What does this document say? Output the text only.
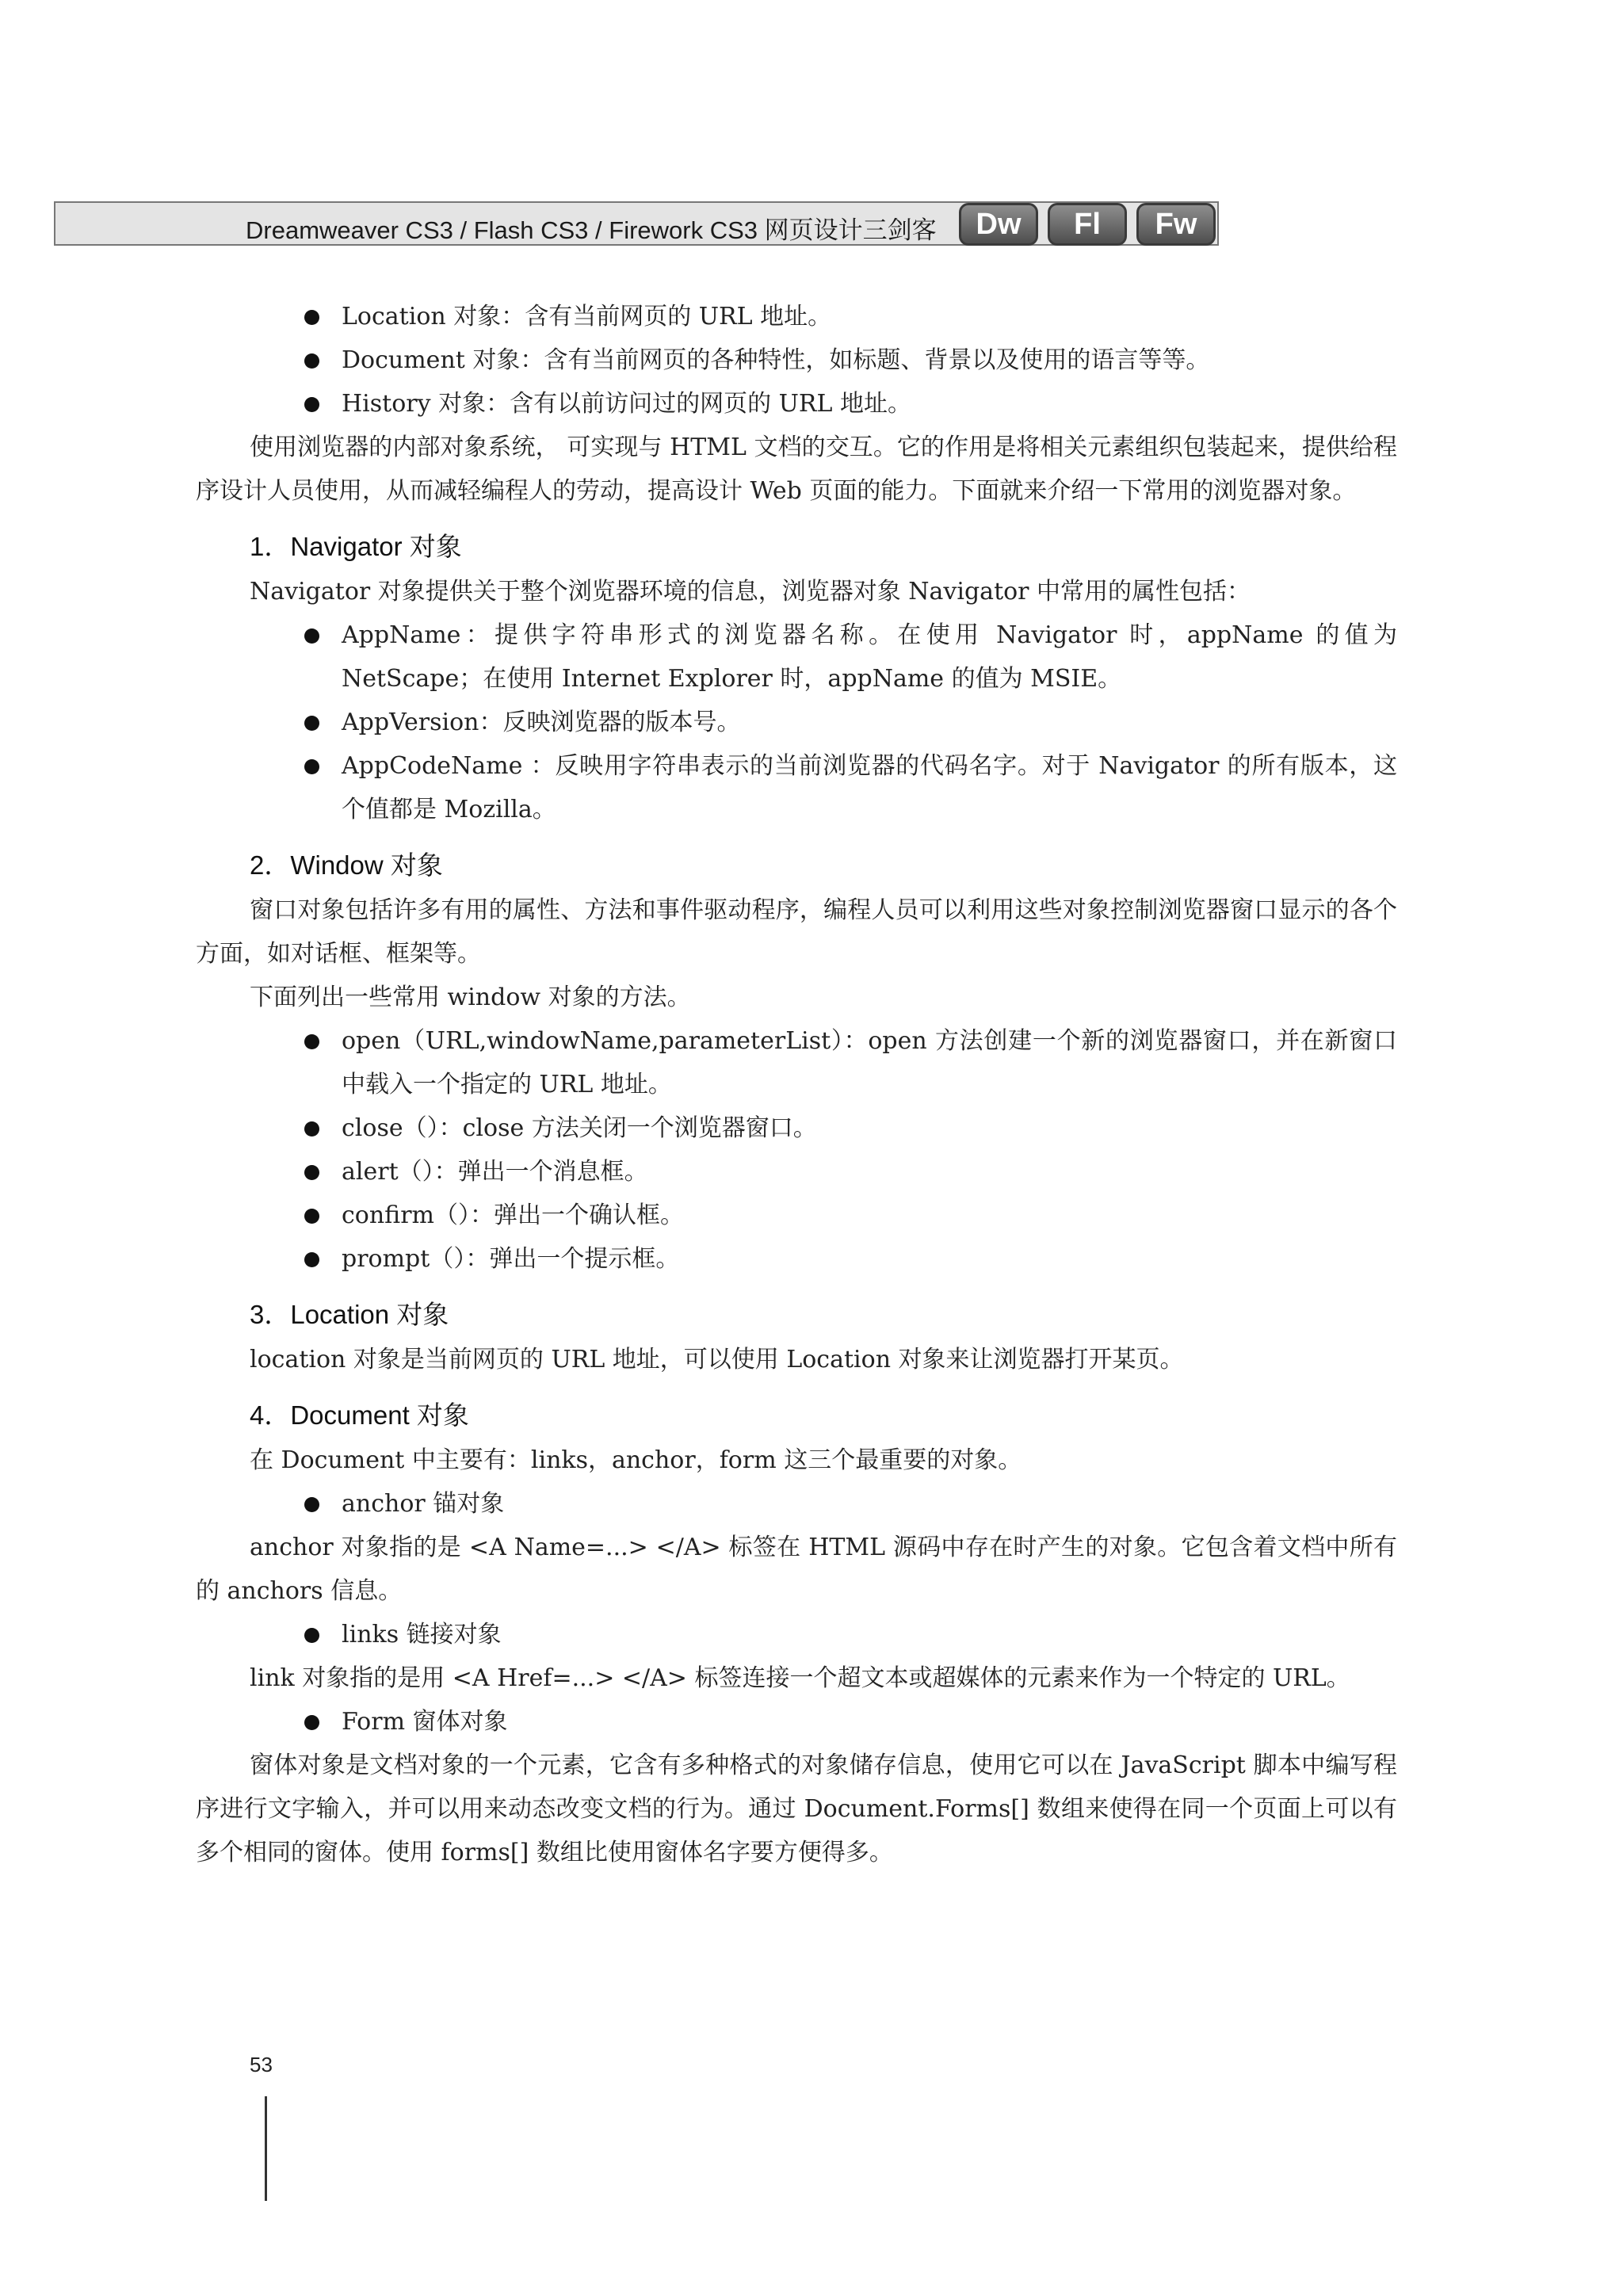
Dreamweaver CS3 / Flash CS3 / Firework CS3 网页设计三剑客	Dw	Fl	Fw
Location 对象：含有当前网页的 URL 地址。
Document 对象：含有当前网页的各种特性，如标题、背景以及使用的语言等等。
History 对象：含有以前访问过的网页的 URL 地址。

使用浏览器的内部对象系统， 可实现与 HTML 文档的交互。它的作用是将相关元素组织包装起来，提供给程序设计人员使用，从而减轻编程人的劳动，提高设计 Web 页面的能力。下面就来介绍一下常用的浏览器对象。

1．Navigator 对象

Navigator 对象提供关于整个浏览器环境的信息，浏览器对象 Navigator 中常用的属性包括：

AppName：提供字符串形式的浏览器名称。在使用 Navigator 时，appName 的值为 NetScape；在使用 Internet Explorer 时，appName 的值为 MSIE。
AppVersion：反映浏览器的版本号。
AppCodeName ：反映用字符串表示的当前浏览器的代码名字。对于 Navigator 的所有版本，这个值都是 Mozilla。
2．Window 对象

窗口对象包括许多有用的属性、方法和事件驱动程序，编程人员可以利用这些对象控制浏览器窗口显示的各个方面，如对话框、框架等。

下面列出一些常用 window 对象的方法。

open（URL,windowName,parameterList）：open 方法创建一个新的浏览器窗口，并在新窗口中载入一个指定的 URL 地址。
close（）：close 方法关闭一个浏览器窗口。
alert（）：弹出一个消息框。
confirm（）：弹出一个确认框。
prompt（）：弹出一个提示框。
3．Location 对象

location 对象是当前网页的 URL 地址，可以使用 Location 对象来让浏览器打开某页。

4．Document 对象

在 Document 中主要有：links，anchor，form 这三个最重要的对象。

anchor 锚对象

anchor 对象指的是 <A Name=...> </A> 标签在 HTML 源码中存在时产生的对象。它包含着文档中所有的 anchors 信息。

links 链接对象

link 对象指的是用 <A Href=...> </A> 标签连接一个超文本或超媒体的元素来作为一个特定的 URL。

Form 窗体对象

窗体对象是文档对象的一个元素，它含有多种格式的对象储存信息，使用它可以在 JavaScript 脚本中编写程序进行文字输入，并可以用来动态改变文档的行为。通过 Document.Forms[] 数组来使得在同一个页面上可以有多个相同的窗体。使用 forms[] 数组比使用窗体名字要方便得多。

53
